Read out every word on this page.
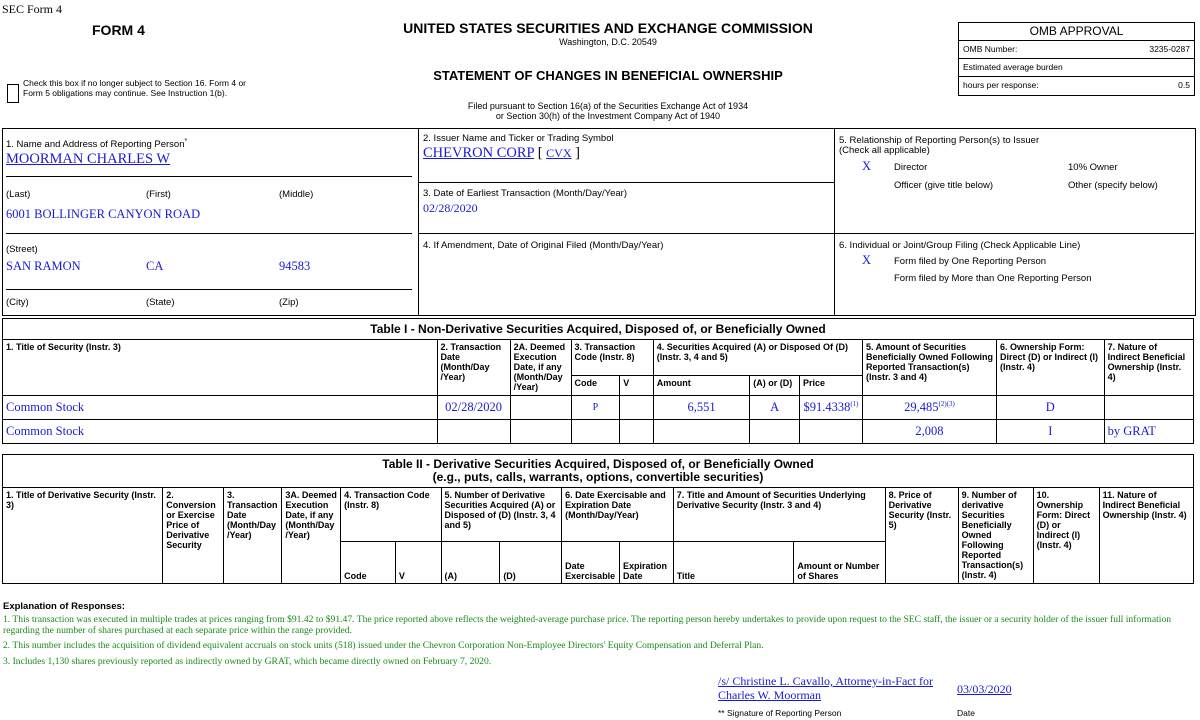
SEC Form 4
FORM 4	UNITED STATES SECURITIES AND EXCHANGE COMMISSION
Washington, D.C. 20549
STATEMENT OF CHANGES IN BENEFICIAL OWNERSHIP
Filed pursuant to Section 16(a) of the Securities Exchange Act of 1934
or Section 30(h) of the Investment Company Act of 1940
Check this box if no longer subject to Section 16. Form 4 or Form 5 obligations may continue. See Instruction 1(b).
OMB APPROVAL
OMB Number:	3235-0287
Estimated average burden
hours per response:	0.5
1. Name and Address of Reporting Person*
MOORMAN CHARLES W
(Last)	(First)	(Middle)
6001 BOLLINGER CANYON ROAD
(Street)
SAN RAMON	CA	94583
(City)	(State)	(Zip)
2. Issuer Name and Ticker or Trading Symbol
CHEVRON CORP [ CVX ]
3. Date of Earliest Transaction (Month/Day/Year)
02/28/2020
4. If Amendment, Date of Original Filed (Month/Day/Year)
5. Relationship of Reporting Person(s) to Issuer
(Check all applicable)
X Director	10% Owner
Officer (give title below)	Other (specify below)
6. Individual or Joint/Group Filing (Check Applicable Line)
X Form filed by One Reporting Person
Form filed by More than One Reporting Person
Table I - Non-Derivative Securities Acquired, Disposed of, or Beneficially Owned										
1. Title of Security (Instr. 3)	2. Transaction Date (Month/Day /Year)	2A. Deemed Execution Date, if any (Month/Day /Year)	3. Transaction Code (Instr. 8)		4. Securities Acquired (A) or Disposed Of (D) (Instr. 3, 4 and 5)			5. Amount of Securities Beneficially Owned Following Reported Transaction(s) (Instr. 3 and 4)	6. Ownership Form: Direct (D) or Indirect (I) (Instr. 4)	7. Nature of Indirect Beneficial Ownership (Instr. 4)
			Code	V	Amount	(A) or (D)	Price			
Common Stock	02/28/2020		P		6,551	A	$91.4338$^{(1)}$	$29,485^{(2)(3)}$	D	
Common Stock								2,008	I	by GRAT
Table II - Derivative Securities Acquired, Disposed of, or Beneficially Owned
(e.g., puts, calls, warrants, options, convertible securities)															

1. Title of Derivative Security (Instr. 3)	2. Conversion or Exercise Price of Derivative Security	3. Transaction Date (Month/Day /Year)	3A. Deemed Execution Date, if any (Month/Day /Year)	4. Transaction Code (Instr. 8)		5. Number of Derivative Securities Acquired (A) or Disposed of (D) (Instr. 3, 4 and 5)		6. Date Exercisable and Expiration Date (Month/Day/Year)		7. Title and Amount of Securities Underlying Derivative Security (Instr. 3 and 4)		8. Price of Derivative Security (Instr. 5)	9. Number of derivative Securities Beneficially Owned Following Reported Transaction(s) (Instr. 4)	10. Ownership Form: Direct (D) or Indirect (I) (Instr. 4)	11. Nature of Indirect Beneficial Ownership (Instr. 4)
				Code	V	(A)	(D)	Date Exercisable	Expiration Date	Title	Amount or Number of Shares				
Explanation of Responses:
1. This transaction was executed in multiple trades at prices ranging from $91.42 to $91.47. The price reported above reflects the weighted-average purchase price. The reporting person hereby undertakes to provide upon request to the SEC staff, the issuer or a security holder of the issuer full information regarding the number of shares purchased at each separate price within the range provided.
2. This number includes the acquisition of dividend equivalent accruals on stock units (518) issued under the Chevron Corporation Non-Employee Directors' Equity Compensation and Deferral Plan.
3. Includes 1,130 shares previously reported as indirectly owned by GRAT, which became directly owned on February 7, 2020.
/s/ Christine L. Cavallo, Attorney-in-Fact for
Charles W. Moorman	03/03/2020
** Signature of Reporting Person	Date
